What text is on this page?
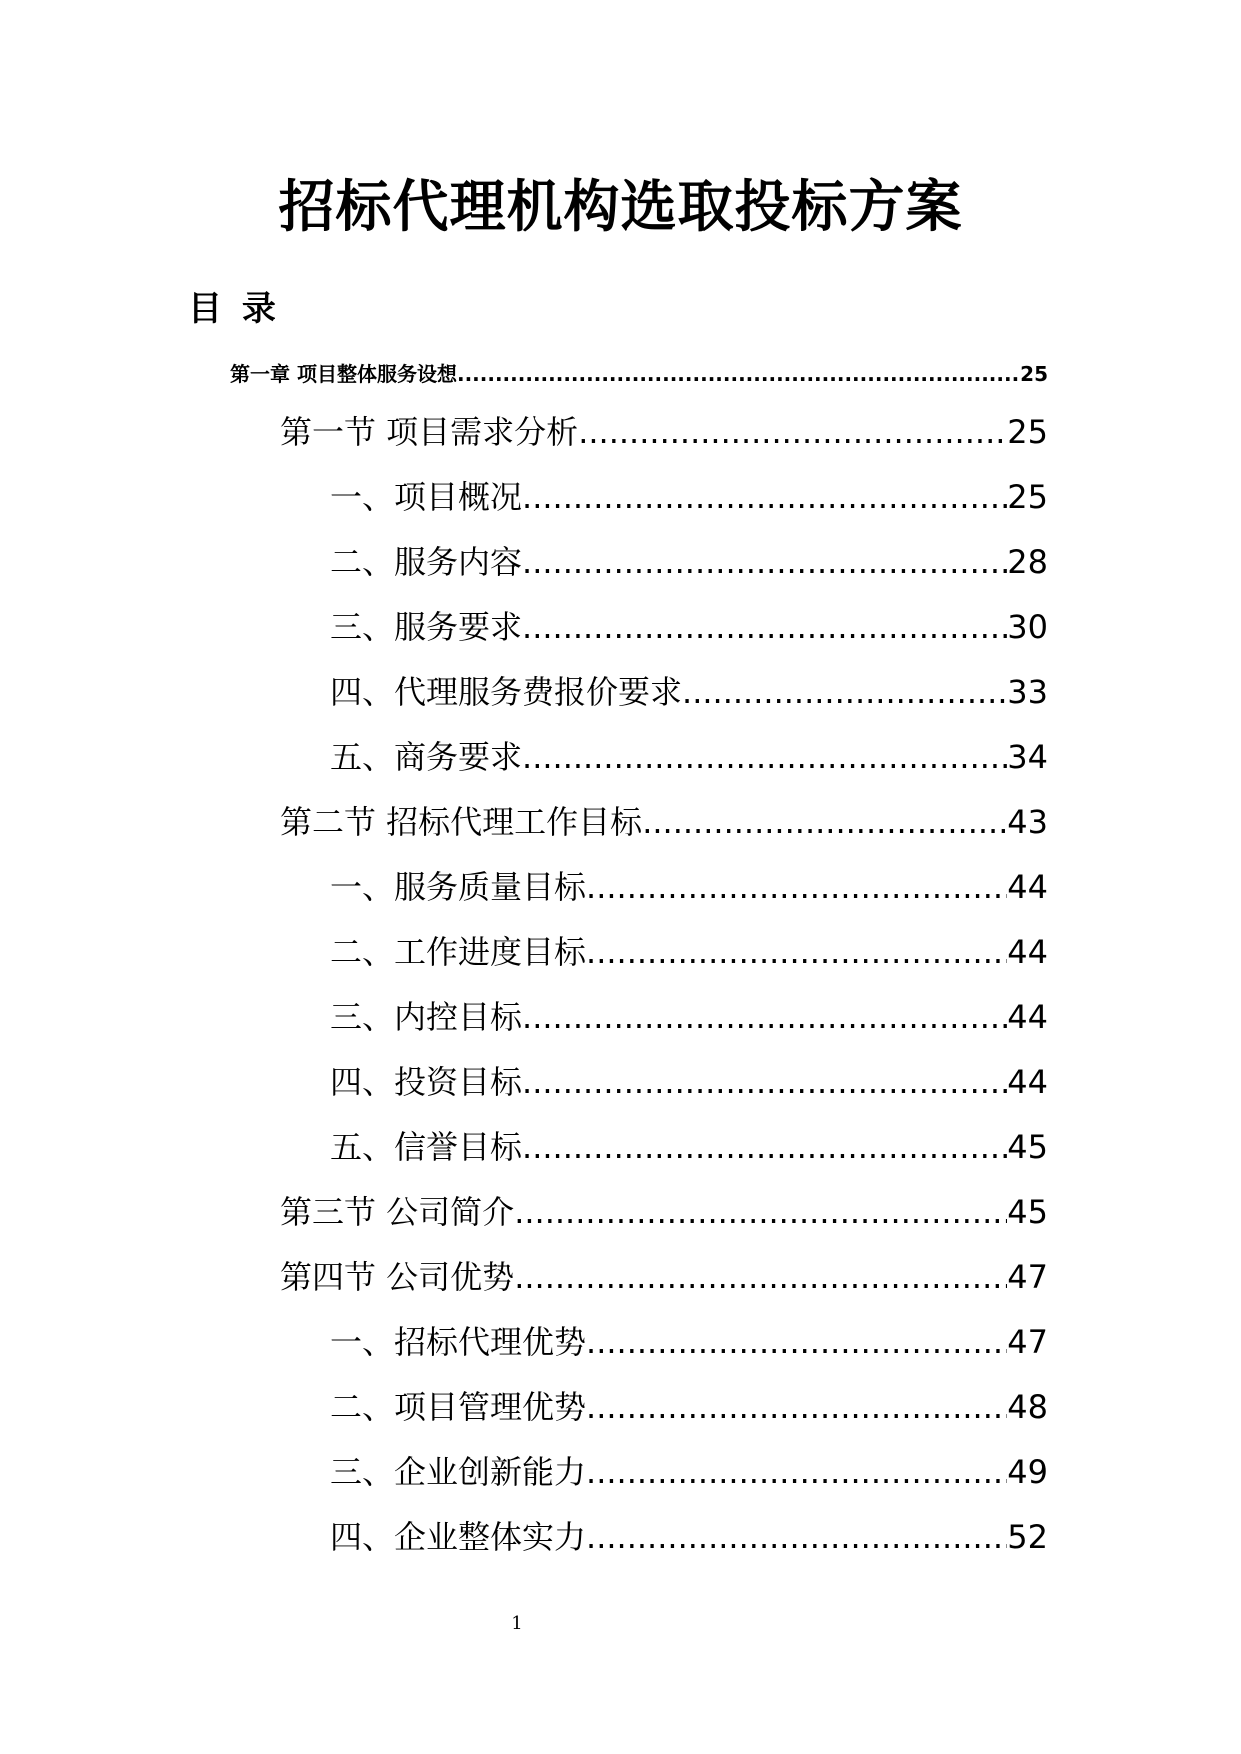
招标代理机构选取投标方案
目 录
第一章 项目整体服务设想 .....	25
第一节 项目需求分析 .....	25
一、项目概况 .....	25
二、服务内容 .....	28
三、服务要求 .....	30
四、代理服务费报价要求 .....	33
五、商务要求 .....	34
第二节 招标代理工作目标 .....	43
一、服务质量目标 .....	44
二、工作进度目标 .....	44
三、内控目标 .....	44
四、投资目标 .....	44
五、信誉目标 .....	45
第三节 公司简介 .....	45
第四节 公司优势 .....	47
一、招标代理优势 .....	47
二、项目管理优势 .....	48
三、企业创新能力 .....	49
四、企业整体实力 .....	52
1
